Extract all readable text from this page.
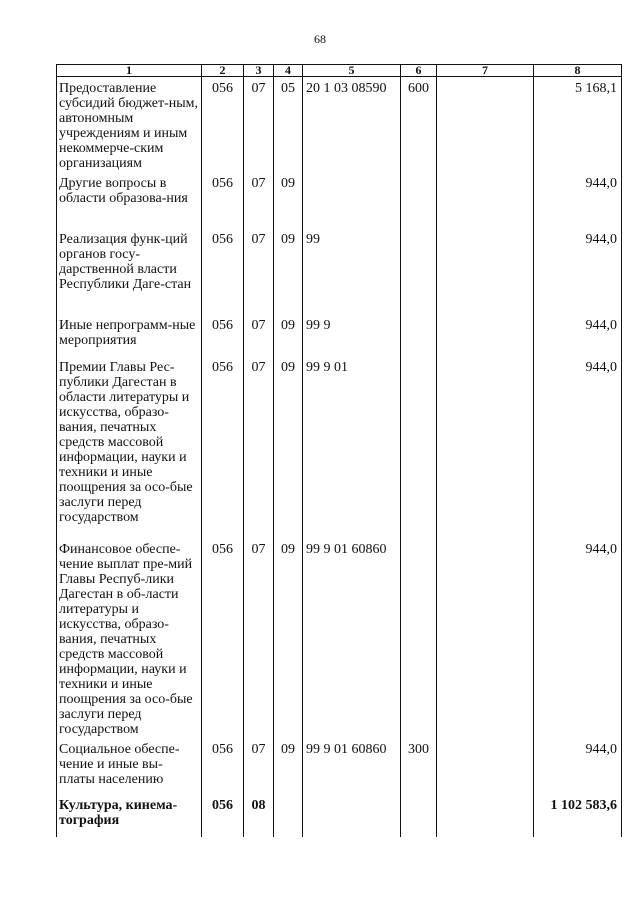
68
1	2	3	4	5	6	7	8
Предоставление субсидий бюджет-ным, автономным учреждениям и иным некоммерче-ским организациям	056	07	05	20 1 03 08590	600		5 168,1
Другие вопросы в области образова-ния	056	07	09				944,0
Реализация функ-ций органов госу-дарственной власти Республики Даге-стан	056	07	09	99			944,0
Иные непрограмм-ные мероприятия	056	07	09	99 9			944,0
Премии Главы Рес-публики Дагестан в области литературы и искусства, образо-вания, печатных средств массовой информации, науки и техники и иные поощрения за осо-бые заслуги перед государством	056	07	09	99 9 01			944,0
Финансовое обеспе-чение выплат пре-мий Главы Респуб-лики Дагестан в об-ласти литературы и искусства, образо-вания, печатных средств массовой информации, науки и техники и иные поощрения за осо-бые заслуги перед государством	056	07	09	99 9 01 60860			944,0
Социальное обеспе-чение и иные вы-платы населению	056	07	09	99 9 01 60860	300		944,0
Культура, кинема-тография	056	08					1 102 583,6
